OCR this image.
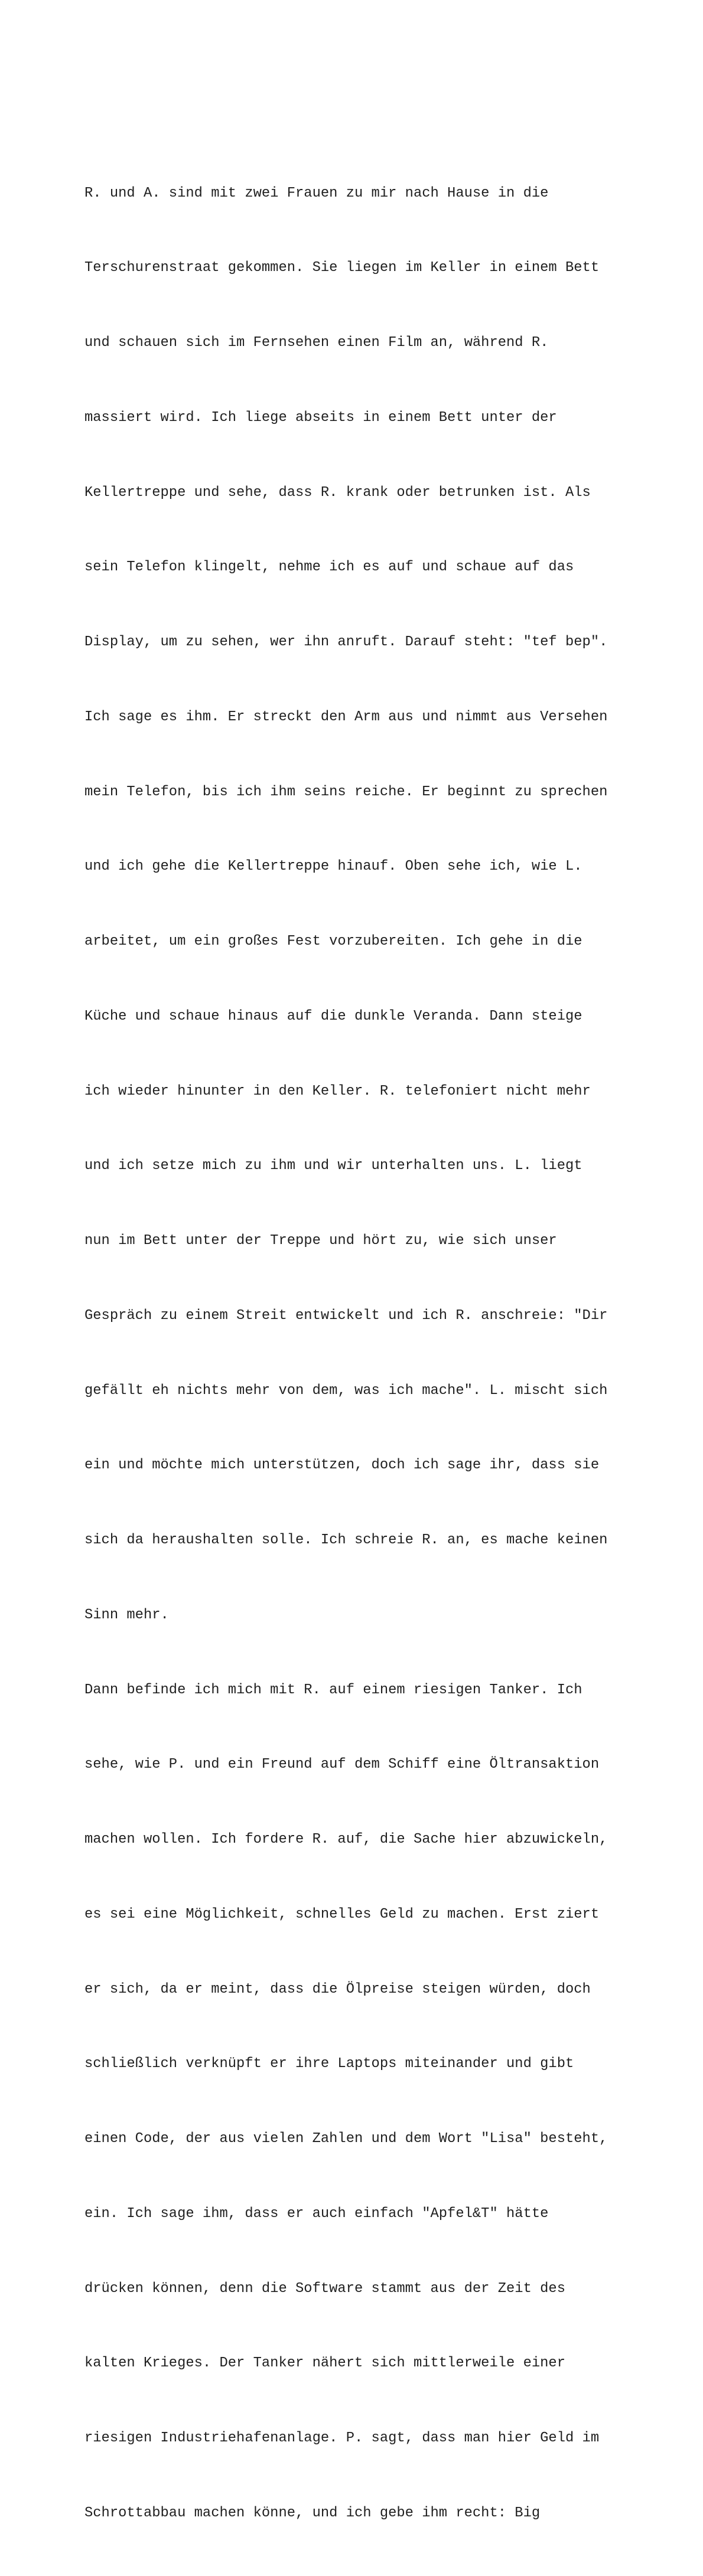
R. und A. sind mit zwei Frauen zu mir nach Hause in die

Terschurenstraat gekommen. Sie liegen im Keller in einem Bett

und schauen sich im Fernsehen einen Film an, während R.

massiert wird. Ich liege abseits in einem Bett unter der

Kellertreppe und sehe, dass R. krank oder betrunken ist. Als

sein Telefon klingelt, nehme ich es auf und schaue auf das

Display, um zu sehen, wer ihn anruft. Darauf steht: "tef bep".

Ich sage es ihm. Er streckt den Arm aus und nimmt aus Versehen

mein Telefon, bis ich ihm seins reiche. Er beginnt zu sprechen

und ich gehe die Kellertreppe hinauf. Oben sehe ich, wie L.

arbeitet, um ein großes Fest vorzubereiten. Ich gehe in die

Küche und schaue hinaus auf die dunkle Veranda. Dann steige

ich wieder hinunter in den Keller. R. telefoniert nicht mehr

und ich setze mich zu ihm und wir unterhalten uns. L. liegt

nun im Bett unter der Treppe und hört zu, wie sich unser

Gespräch zu einem Streit entwickelt und ich R. anschreie: "Dir

gefällt eh nichts mehr von dem, was ich mache". L. mischt sich

ein und möchte mich unterstützen, doch ich sage ihr, dass sie

sich da heraushalten solle. Ich schreie R. an, es mache keinen

Sinn mehr.

Dann befinde ich mich mit R. auf einem riesigen Tanker. Ich

sehe, wie P. und ein Freund auf dem Schiff eine Öltransaktion

machen wollen. Ich fordere R. auf, die Sache hier abzuwickeln,

es sei eine Möglichkeit, schnelles Geld zu machen. Erst ziert

er sich, da er meint, dass die Ölpreise steigen würden, doch

schließlich verknüpft er ihre Laptops miteinander und gibt

einen Code, der aus vielen Zahlen und dem Wort "Lisa" besteht,

ein. Ich sage ihm, dass er auch einfach "Apfel&T" hätte

drücken können, denn die Software stammt aus der Zeit des

kalten Krieges. Der Tanker nähert sich mittlerweile einer

riesigen Industriehafenanlage. P. sagt, dass man hier Geld im

Schrottabbau machen könne, und ich gebe ihm recht: Big
